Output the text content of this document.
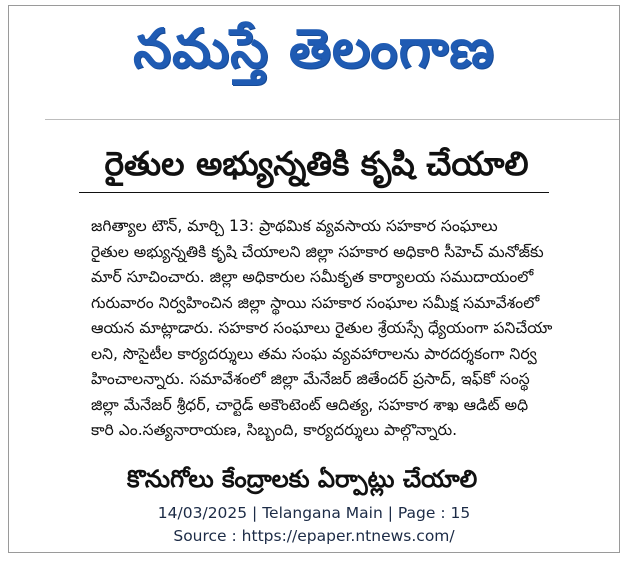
నమస్తే తెలంగాణ
రైతుల అభ్యున్నతికి కృషి చేయాలి
జగిత్యాల టౌన్, మార్చి 13: ప్రాథమిక వ్యవసాయ సహకార సంఘాలు
రైతుల అభ్యున్నతికి కృషి చేయాలని జిల్లా సహకార అధికారి సీహెచ్ మనోజ్‌కు
మార్ సూచించారు. జిల్లా అధికారుల సమీకృత కార్యాలయ సముదాయంలో
గురువారం నిర్వహించిన జిల్లా స్థాయి సహకార సంఘాల సమీక్ష సమావేశంలో
ఆయన మాట్లాడారు. సహకార సంఘాలు రైతుల శ్రేయస్సే ధ్యేయంగా పనిచేయా
లని, సొసైటీల కార్యదర్శులు తమ సంఘ వ్యవహారాలను పారదర్శకంగా నిర్వ
హించాలన్నారు. సమావేశంలో జిల్లా మేనేజర్ జితేందర్ ప్రసాద్, ఇఫ్‌కో సంస్థ
జిల్లా మేనేజర్ శ్రీధర్, చార్టెడ్ అకౌంటెంట్ ఆదిత్య, సహకార శాఖ ఆడిట్ అధి
కారి ఎం.సత్యనారాయణ, సిబ్బంది, కార్యదర్శులు పాల్గొన్నారు.
కొనుగోలు కేంద్రాలకు ఏర్పాట్లు చేయాలి
14/03/2025 | Telangana Main | Page : 15
Source : https://epaper.ntnews.com/
